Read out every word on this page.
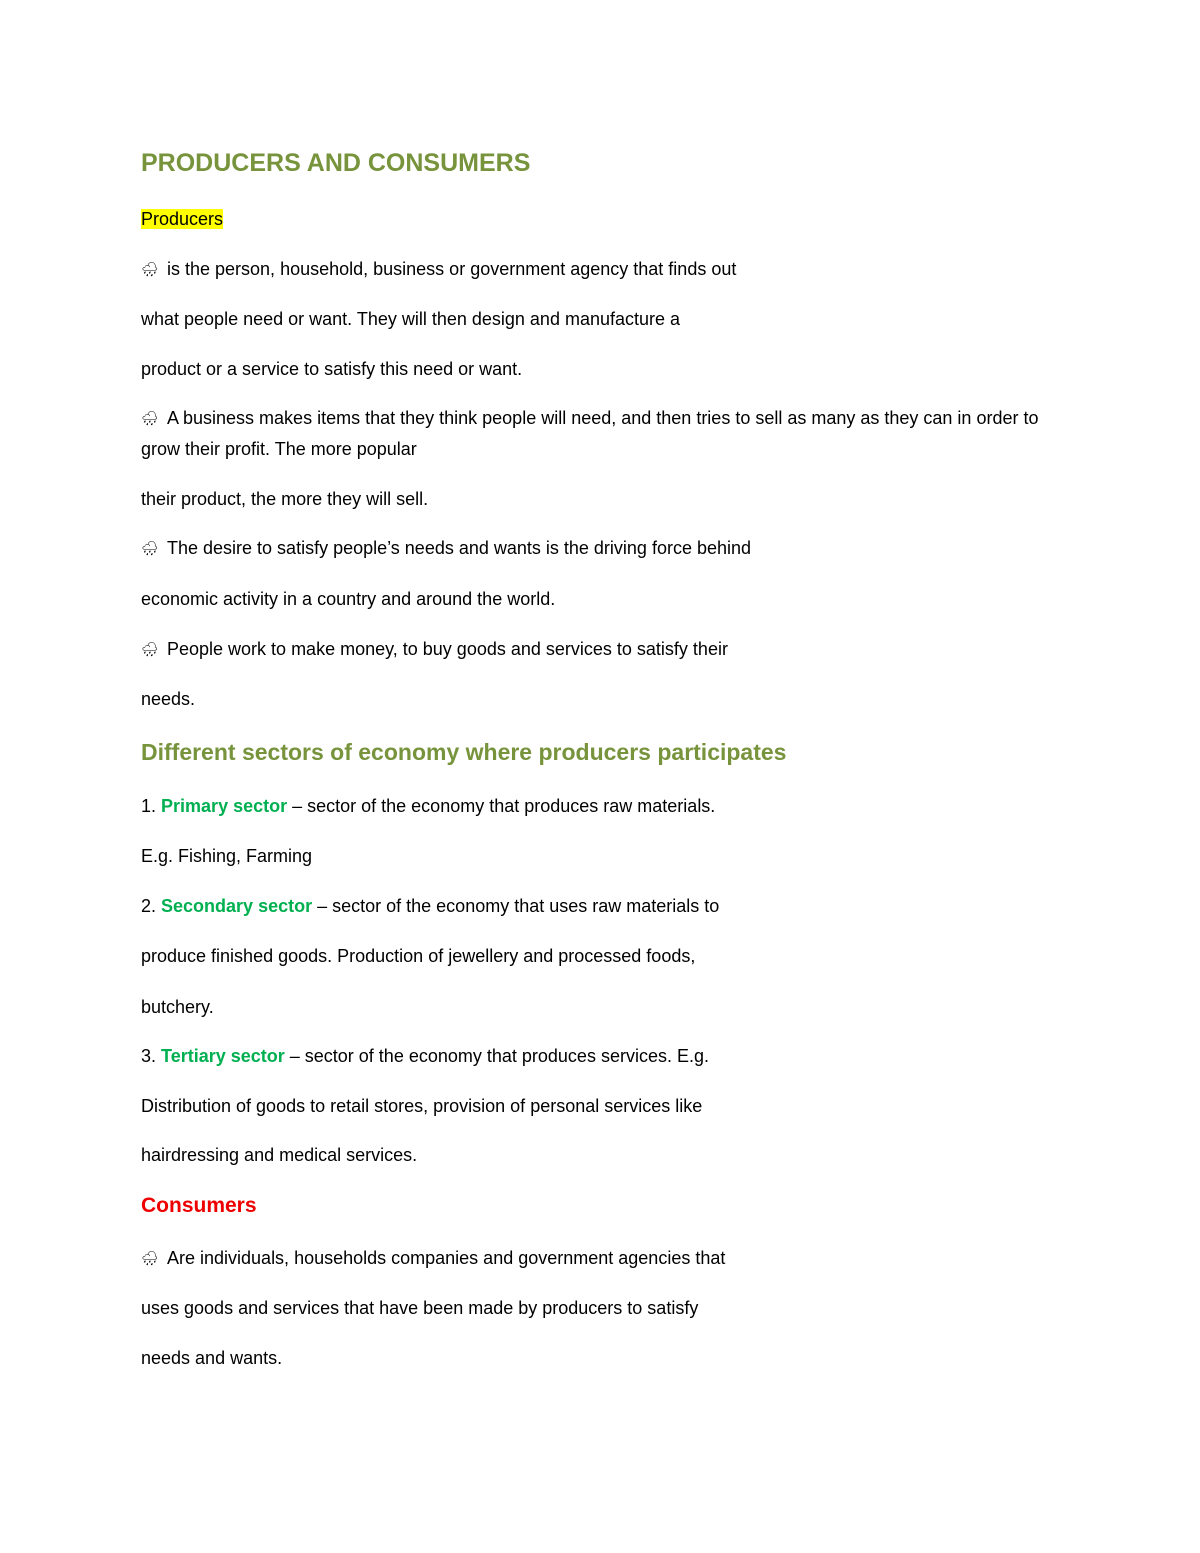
PRODUCERS AND CONSUMERS
Producers
🌧 is the person, household, business or government agency that finds out
what people need or want. They will then design and manufacture a
product or a service to satisfy this need or want.
🌧 A business makes items that they think people will need, and then tries to sell as many as they can in order to grow their profit. The more popular
their product, the more they will sell.
🌧 The desire to satisfy people’s needs and wants is the driving force behind
economic activity in a country and around the world.
🌧 People work to make money, to buy goods and services to satisfy their
needs.
Different sectors of economy where producers participates
1. Primary sector – sector of the economy that produces raw materials.
E.g. Fishing, Farming
2. Secondary sector – sector of the economy that uses raw materials to
produce finished goods. Production of jewellery and processed foods,
butchery.
3. Tertiary sector – sector of the economy that produces services. E.g.
Distribution of goods to retail stores, provision of personal services like
hairdressing and medical services.
Consumers
🌧 Are individuals, households companies and government agencies that
uses goods and services that have been made by producers to satisfy
needs and wants.
